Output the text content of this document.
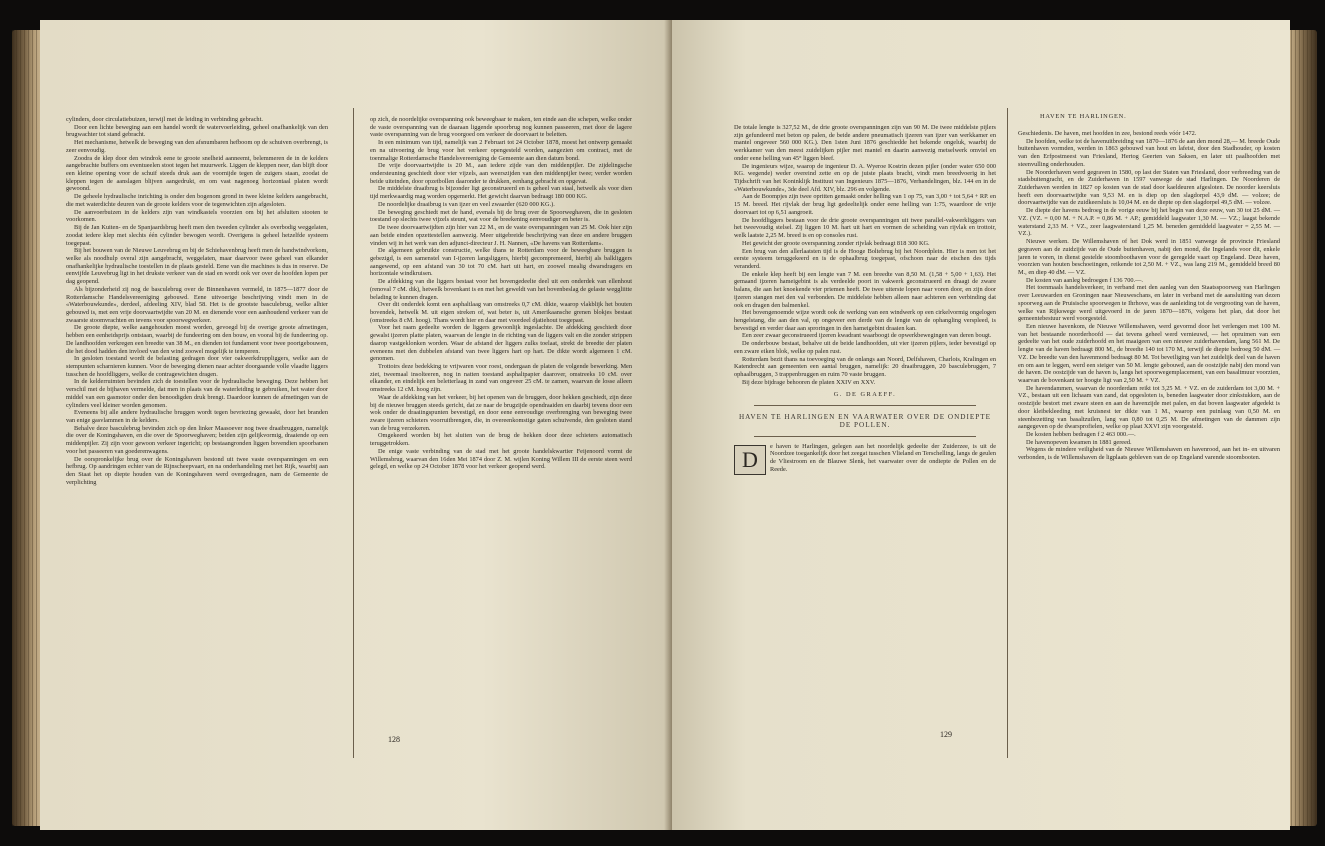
cylinders, door circulatiebuizen, terwijl met de leiding in verbinding gebracht.

Door een lichte beweging aan een handel wordt de watervoerleiding, geheel onafhankelijk van den brugwachter tot stand gebracht.

Het mechanisme, hetwelk de beweging van den afsnumbaren hefboom op de schuiven overbrengt, is zeer eenvoudig.

Zoodra de klep door den windrok eene te groote snelheid aanneemt, belemmeren de in de kelders aangebrachte buffers om eventueelen stoot tegen het muurwerk. Liggen de kleppen neer, dan blijft door een kleine opening voor de schuif steeds druk aan de voornijde tegen de zuigers staan, zoodat de kleppen tegen de aanslagen blijven aangedrukt, en om vast nagenoeg horizontaal platen wordt gewoond.

De geheele hydraulische inrichting is onder den bogenom grond in twee kleine kelders aangebracht, die met waterdichte deuren van de groote kelders voor de tegenwichten zijn afgesloten.

De aanvoerbuizen in de kelders zijn van windkastels voorzien om bij het afsluiten stooten te voorkomen.

Bij de Jan Kuiten- en de Spanjaardsbrug heeft men den tweeden cylinder als overbodig weggelaten, zoodat iedere klep met slechts één cylinder bewogen wordt. Overigens is geheel hetzelfde systeem toegepast.

Bij het bouwen van de Nieuwe Leuvebrug en bij de Schiehavenbrug heeft men de handwindvorkom, welke als noodhulp overal zijn aangebracht, weggelaten, maar daarvoor twee geheel van elkander onafhankelijke hydraulische toestellen in de plaats gesteld. Eene van die machines is dus in reserve. De eenvijfde Leuvebrug ligt in het drukste verkeer van de stad en wordt ook ver over de hoofden lopen per dag geopend.

Als bijzonderheid zij nog de basculebrug over de Binnenhaven vermeld, in 1875—1877 door de Rotterdamsche Handelsvereeniging gebouwd. Eene uitvoerige beschrijving vindt men in de «Waterbouwkunde», derdeel, afdeeling XIV, blad 58. Het is de grootste basculebrug, welke alhier gebouwd is, met een vrije doorvaartwijdte van 20 M. en dienende voor een aanhoudend verkeer van de zwaarste stoomvrachten en tevens voor spoorwegverkeer.

De groote diepte, welke aangehouden moest worden, gevoegd bij de overige groote afmetingen, hebben een eenheidsprijs ontstaan, waarbij de fundeering om den bouw, en vooral bij de fundeering op. De landhoofden verkregen een breedte van 38 M., en dienden tot fundament voor twee poortgebouwen, die het dood hadden den invloed van den wind zoowel mogelijk te temperen.

In gesloten toestand wordt de belasting gedragen door vier oakwerkdruppliggers, welke aan de stempunten scharnieren kunnen. Voor de beweging dienen naar achter doorgaande volle vlaadte liggers tusschen de hoofdliggers, welke de contragewichten dragen.

In de kelderruimten bevinden zich de toestellen voor de hydraulische beweging. Deze hebben het verschil met de bijhaven vermelde, dat men in plaats van de waterleiding te gebruiken, het water door middel van een gasmotor onder den benoodigden druk brengt. Daardoor kunnen de afmetingen van de cylinders veel kleiner worden genomen.

Eveneens bij alle andere hydraulische bruggen wordt tegen bevriezing gewaakt, door het branden van enige gasvlammen in de kelders.

Behalve deze basculebrug bevinden zich op den linker Maasoever nog twee draaibruggen, namelijk die over de Koningshaven, en die over de Spoorweghaven; beiden zijn gelijkvormig, draaiende op een middenpijler. Zij zijn voor gewoon verkeer ingericht; op bestaangronden liggen bovendien spoorbanen voor het passeeren van goederenwagens.

De oorspronkelijke brug over de Koningshaven bestond uit twee vaste overspanningen en een hefbrug. Op aandringen echter van de Rijnscheepvaart, en na onderhandeling met het Rijk, waarbij aan den Staat het op diepte houden van de Koningshaven werd overgedragen, nam de Gemeente de verplichting

op zich, de noordelijke overspanning ook beweegbaar te maken, ten einde aan die schepen, welke onder de vaste overspanning van de daaraan liggende spoorbrug nog kunnen passeeren, met door de lagere vaste overspanning van de brug voorgoed om verkeer de doorvaart te beletten.

In een minimum van tijd, namelijk van 2 Februari tot 24 October 1878, moest het ontwerp gemaakt en na uitvoering de brug voor het verkeer opengesteld worden, aangezien om contract, met de toenmalige Rotterdamsche Handelsvereeniging de Gemeente aan dien datum bond.

De vrije doorvaartwijdte is 20 M., aan iedere zijde van den middenpijler. De zijdelingsche ondersteuning geschiedt door vier vijzels, aan weerszijden van den middenpijler twee; verder worden beide uiteinden, door opzetbollen daaronder te drukken, eenhang gebracht en opgevat.

De middelste draaibrug is bijzonder ligt geconstrueerd en is geheel van staal, hetwelk als voor dien tijd merkwaardig mag worden opgemerkt. Het gewicht daarvan bedraagt 180 000 KG.

De noordelijke draaibrug is van ijzer en veel zwaarder (620 000 KG.).

De beweging geschiedt met de hand, evenals bij de brug over de Spoorweghaven, die in gesloten toestand op slechts twee vijzels steunt, wat voor de breekening eenvoudiger en beter is.

De twee doorvaartwijdten zijn hier van 22 M., en de vaste overspanningen van 25 M. Ook hier zijn aan beide einden opzettestellen aanwezig. Meer uitgebreide beschrijving van deze en andere bruggen vinden wij in het werk van den adjunct-directeur J. H. Nannen, «De havens van Rotterdam».

De algemeen gebruikte constructie, welke thans te Rotterdam voor de beweegbare bruggen is gebezigd, is een samenstel van I-ijzeren langsliggers, hierbij gecompremeerd, hierbij als balkliggers aangewend, op een afstand van 30 tot 70 cM. hart uit hart, en zoowel mealig dwarsdragers en horizontale windkruisen.

De afdekking van die liggers bestaat voor het bovengedeelte deel uit een onderdek van ellenhout (renoval 7 cM. dik), hetwelk bovenkant is en met het geweldt van het bovenbeslag de gelaste weggliitte belading te kunnen dragen.

Over dit onderdek komt een asphaltlaag van omstreeks 0,7 cM. dikte, waarop vlakblijk het bouten bovendek, hetwelk M. uit eigen streken of, wat beter is, uit Amerikaansche grenen blokjes bestaat (omstreeks 8 cM. hoog). Thans wordt hier en daar met voordeel djatiehout toegepast.

Voor het raam gedeelte worden de liggers gewoonlijk ingeslachte. De afdekking geschiedt door gewalst ijzeren platte platen, waarvan de lengte in de richting van de liggers valt en die zonder strippen daarop vastgeklonken worden. Waar de afstand der liggers zulks toelaat, strekt de breedte der platen eveneens met den dubbelen afstand van twee liggers hart op hart. De dikte wordt algemeen 1 cM. genomen.

Trottoirs deze bedekking te vrijwaren voor roest, ondergaan de platen de volgende bewerking. Men ziet, tweemaal insolteeren, nog in natten toestand asphaltpapier daarover, omstreeks 10 cM. over elkander, en eindelijk een beletterlaag in zand van ongeveer 25 cM. te zamen, waarvan de losse alleen omstreeks 12 cM. hoog zijn.

Waar de afdekking van het verkeer, bij het openen van de bruggen, door hekken geschiedt, zijn deze bij de nieuwe bruggen steeds gericht, dat ze naar de brugzijde opendraaiden en daarbij tevens door een wok onder de draaiingspunten bevestigd, en door eene eenvoudige overbrenging van beweging twee zware ijzeren schieters voorruitbrengen, die, in overeenkomstige gaten schuivende, den gesloten stand van de brug verzekeren.

Omgekeerd worden bij het sluiten van de brug de hekken door deze schieters automatisch teruggetrokken.

De enige vaste verbinding van de stad met het groote handelskwartier Feijenoord vormt de Willemsbrug, waarvan den 16den Mei 1874 door Z. M. wijlen Koning Willem III de eerste steen werd gelegd, en welke op 24 October 1878 voor het verkeer geopend werd.

128
HAVEN TE HARLINGEN.

De totale lengte is 327,52 M., de drie groote overspanningen zijn van 90 M. De twee middelste pijlers zijn gefundeerd met beton op palen, de beide andere pneumatisch ijzeren van ijzer van werkkamer en mantel ongeveer 560 000 KG.). Den 1sten Juni 1876 geschiedde het bekende ongeluk, waarbij de werkkamer van den meest zuidelijken pijler met mantel en daarin aanwezig metselwerk omviel en onder eene helling van 45° liggen bleef.

De ingenieurs wijze, waarop de ingenieur D. A. Wyeroe Kostrin dezen pijler (onder water 650 000 KG. wegende) weder overeind zette en op de juiste plaats bracht, vindt men breedvoerig in het Tijdschrift van het Koninklijk Instituut van Ingenieurs 1875—1876, Verhandelingen, blz. 144 en in de «Waterbouwkunde», 3de deel Afd. XIV, blz. 296 en volgende.

Aan de Boompjes zijn twee opritten gemaakt onder helling van 1 op 75, van 3,00 + tot 5,64 + RP. en 15 M. breed. Het rijvlak der brug ligt gedeeltelijk onder eene helling van 1:75, waardoor de vrije doorvaart tot op 6,51 aangroeit.

De hoofdliggers bestaan voor de drie groote overspanningen uit twee parallel-vakwerkliggers van het tweevoudig stelsel. Zij liggen 10 M. hart uit hart en vormen de scheiding van rijvlak en trottoir, welk laatste 2,25 M. breed is en op consoles rust.

Het gewicht der groote overspanning zonder rijvlak bedraagt 818 300 KG.

Een brug van den allerlaatsten tijd is de Hooge Boltebrug bij het Noordplein. Hier is men tot het eerste systeem teruggekeerd en is de ophaalbrug toegepast, ofschoon naar de eischen des tijds veranderd.

De enkele klep heeft bij een lengte van 7 M. een breedte van 8,50 M. (1,58 + 5,00 + 1,63). Het gemaand ijzeren hameigebint is als verdeelde poort in vakwerk geconstrueerd en draagt de zware balans, die aan het knoekende vier priemen heeft. De twee uiterste lopen naar voren door, en zijn door ijzeren stangen met den val verbonden. De middelste hebben alleen naar achteren een verbinding dat ook en dragen den balmenkel.

Het bovengenoemde wijze wordt ook de werking van een windwerk op een cirkelvormig ongelogen hengelstang, die aan den val, op ongeveer een derde van de lengte van de ophangling verspleed, is bevestigd en verder daar aan sproringen in den hameigebint draaien kan.

Een zeer zwaar geconstrueerd ijzeren kwadrant waarboogt de opwerkbewegingen van deren bougt.

De onderbouw bestaat, behalve uit de beide landhoofden, uit vier ijzeren pijlers, ieder bevestigd op een zware eiken blok, welke op palen rust.

Rotterdam bezit thans na toevoeging van de onlangs aan Noord, Delfshaven, Charlois, Kralingen en Katendrecht aan gemeenten een aantal bruggen, namelijk: 20 draaibruggen, 20 basculebruggen, 7 ophaalbruggen, 3 trappenbruggen en ruim 70 vaste bruggen.

Bij deze bijdrage behooren de platen XXIV en XXV.

G. DE GRAEFF.
HAVEN TE HARLINGEN EN VAARWATER OVER DE ONDIEPTE DE POLLEN.

D
e haven te Harlingen, gelegen aan het noordelijk gedeelte der Zuiderzee, is uit de Noordzee toegankelijk door het zeegat tusschen Vlieland en Terschelling, langs de geulen de Vliestroom en de Blauwe Slenk, het vaarwater over de ondiepte de Pollen en de Reede.

Geschiedenis. De haven, met hoofden in zee, bestond reeds vóór 1472.

De hoofden, welke tot de havenuitbreiding van 1870—1876 de aan den mond 28,— M. breede Oude buitenhaven vormden, werden in 1863 gebouwd van hout en lafeist, door den Stadhouder, op kosten van den Erfpostmeest van Friesland, Hertog Geerten van Saksen, en later uit paalhoofden met steenvulling onderhouden.

De Noorderhaven werd gegraven in 1580, op last der Staten van Friesland, door verbreeding van de stadsbuitengracht, en de Zuiderhaven in 1597 vanwege de stad Harlingen. De Noorderen de Zuiderhaven werden in 1827 op kosten van de stad door kaeldeuren afgesloten. De noorder keersluis heeft een doorvaartwijdte van 9,53 M. en is diep op den slagdorpel 43,9 dM. — volzee; de doorvaartwijdte van de zuidkeersluis is 10,04 M. en de diepte op den slagdorpel 49,5 dM. — volzee.

De diepte der havens bedroeg in de vorige eeuw bij het begin van deze eeuw, van 30 tot 25 dM. — VZ. (VZ. = 0,00 M. + N.A.P. = 0,86 M. + AP.; gemiddeld laagwater 1,30 M. — VZ.; laagst bekende waterstand 2,33 M. + VZ., zeer laagwaterstand 1,25 M. beneden gemiddeld laagwater = 2,55 M. — VZ.).

Nieuwe werken. De Willemshaven of het Dok werd in 1851 vanwege de provincie Friesland gegraven aan de zuidzijde van de Oude buitenhaven, nabij den mond, die Ingelands voor dit, enkele jaren te voren, in dienst gestelde stoomboothaven voor de geregelde vaart op Engeland. Deze haven, voorzien van houten beschoeiingen, reikende tot 2,50 M. + VZ., was lang 219 M., gemiddeld breed 80 M., en diep 40 dM. — VZ.

De kosten van aanleg bedroegen f 136 700.—.

Het toenmaals handelsverkeer, in verband met den aanleg van den Staatsspoorweg van Harlingen over Leeuwarden en Groningen naar Nieuweschans, en later in verband met de aansluiting van dezen spoorweg aan de Pruisische spoorwegen te Ihrhove, was de aanleiding tot de vergrooting van de haven, welke van Rijkswege werd uitgevoerd in de jaren 1870—1876, volgens het plan, dat door het gemeentebestuur werd voorgesteld.

Een nieuwe havenkom, de Nieuwe Willemshaven, werd gevormd door het verlengen met 100 M. van het bestaande noorderhoofd — dat tevens geheel werd vernieuwd, — het opruimen van een gedeelte van het oude zuiderhoofd en het maaigeen van een nieuwe zuiderhavendam, lang 561 M. De lengte van de haven bedraagt 800 M., de breedte 140 tot 170 M., terwijl de diepte bedroeg 50 dM. — VZ. De breedte van den havenmond bedraagt 80 M. Tot beveiliging van het zuidelijk deel van de haven en om aan te leggen, werd een steiger van 50 M. lengte gebouwd, aan de oostzijde nabij den mond van de haven. De oostzijde van de haven is, langs het spoorwegemplacement, van een basaltmuur voorzien, waarvan de bovenkant ter hoogte ligt van 2,50 M. + VZ.

De havendammen, waarvan de noorderdam reikt tot 3,25 M. + VZ. en de zuiderdam tot 3,00 M. + VZ., bestaan uit een lichaam van zand, dat opgesloten is, beneden laagwater door zinkstukken, aan de oostzijde bestort met zware steen en aan de havenzijde met palen, en dat boven laagwater afgedekt is door kleibekleeding met kruisnest ter dikte van 1 M., waarop een puinlaag van 0,50 M. en steenbezetting van basaltzuilen, lang van 0,80 tot 0,25 M. De afmetingen van de dammen zijn aangegeven op de dwarsprofielen, welke op plaat XXVI zijn voorgesteld.

De kosten hebben bedragen f 2 463 000.—.

De havenopeven kwamen in 1881 gereed.

Wegens de mindere veiligheid van de Nieuwe Willemshaven en havenrood, aan het in- en uitvaren verbonden, is de Willemshaven de ligplaats gebleven van de op Engeland varende stoombooten.

129
